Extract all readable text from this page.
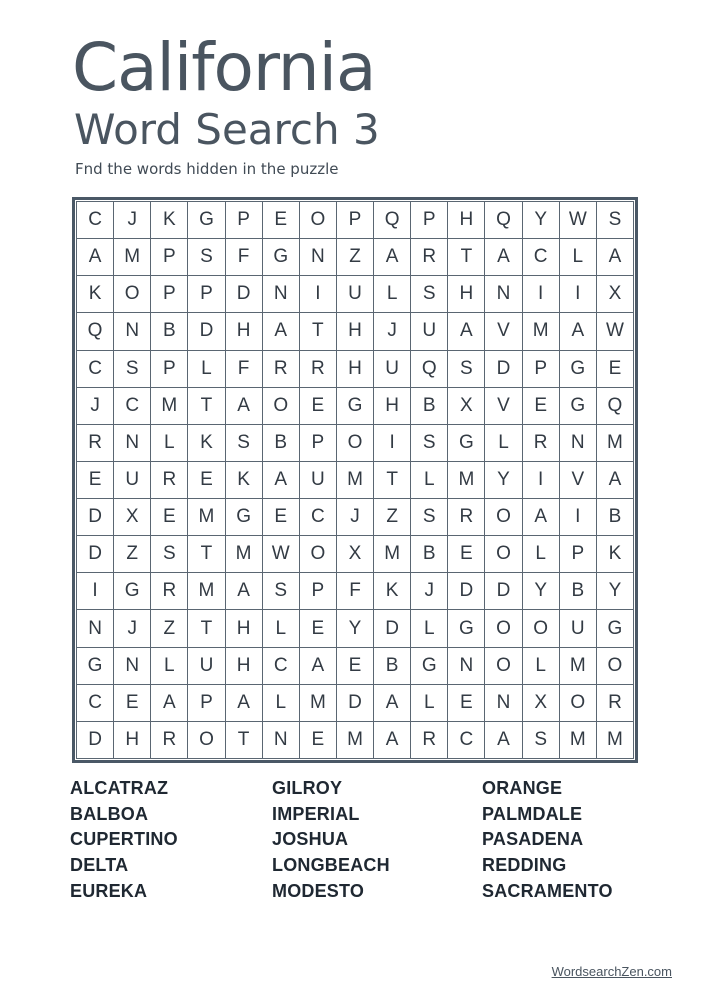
California
Word Search 3
Fnd the words hidden in the puzzle
C	J	K	G	P	E	O	P	Q	P	H	Q	Y	W	S
A	M	P	S	F	G	N	Z	A	R	T	A	C	L	A
K	O	P	P	D	N	I	U	L	S	H	N	I	I	X
Q	N	B	D	H	A	T	H	J	U	A	V	M	A	W
C	S	P	L	F	R	R	H	U	Q	S	D	P	G	E
J	C	M	T	A	O	E	G	H	B	X	V	E	G	Q
R	N	L	K	S	B	P	O	I	S	G	L	R	N	M
E	U	R	E	K	A	U	M	T	L	M	Y	I	V	A
D	X	E	M	G	E	C	J	Z	S	R	O	A	I	B
D	Z	S	T	M	W	O	X	M	B	E	O	L	P	K
I	G	R	M	A	S	P	F	K	J	D	D	Y	B	Y
N	J	Z	T	H	L	E	Y	D	L	G	O	O	U	G
G	N	L	U	H	C	A	E	B	G	N	O	L	M	O
C	E	A	P	A	L	M	D	A	L	E	N	X	O	R
D	H	R	O	T	N	E	M	A	R	C	A	S	M	M
ALCATRAZ
BALBOA
CUPERTINO
DELTA
EUREKA
GILROY
IMPERIAL
JOSHUA
LONGBEACH
MODESTO
ORANGE
PALMDALE
PASADENA
REDDING
SACRAMENTO
WordsearchZen.com
